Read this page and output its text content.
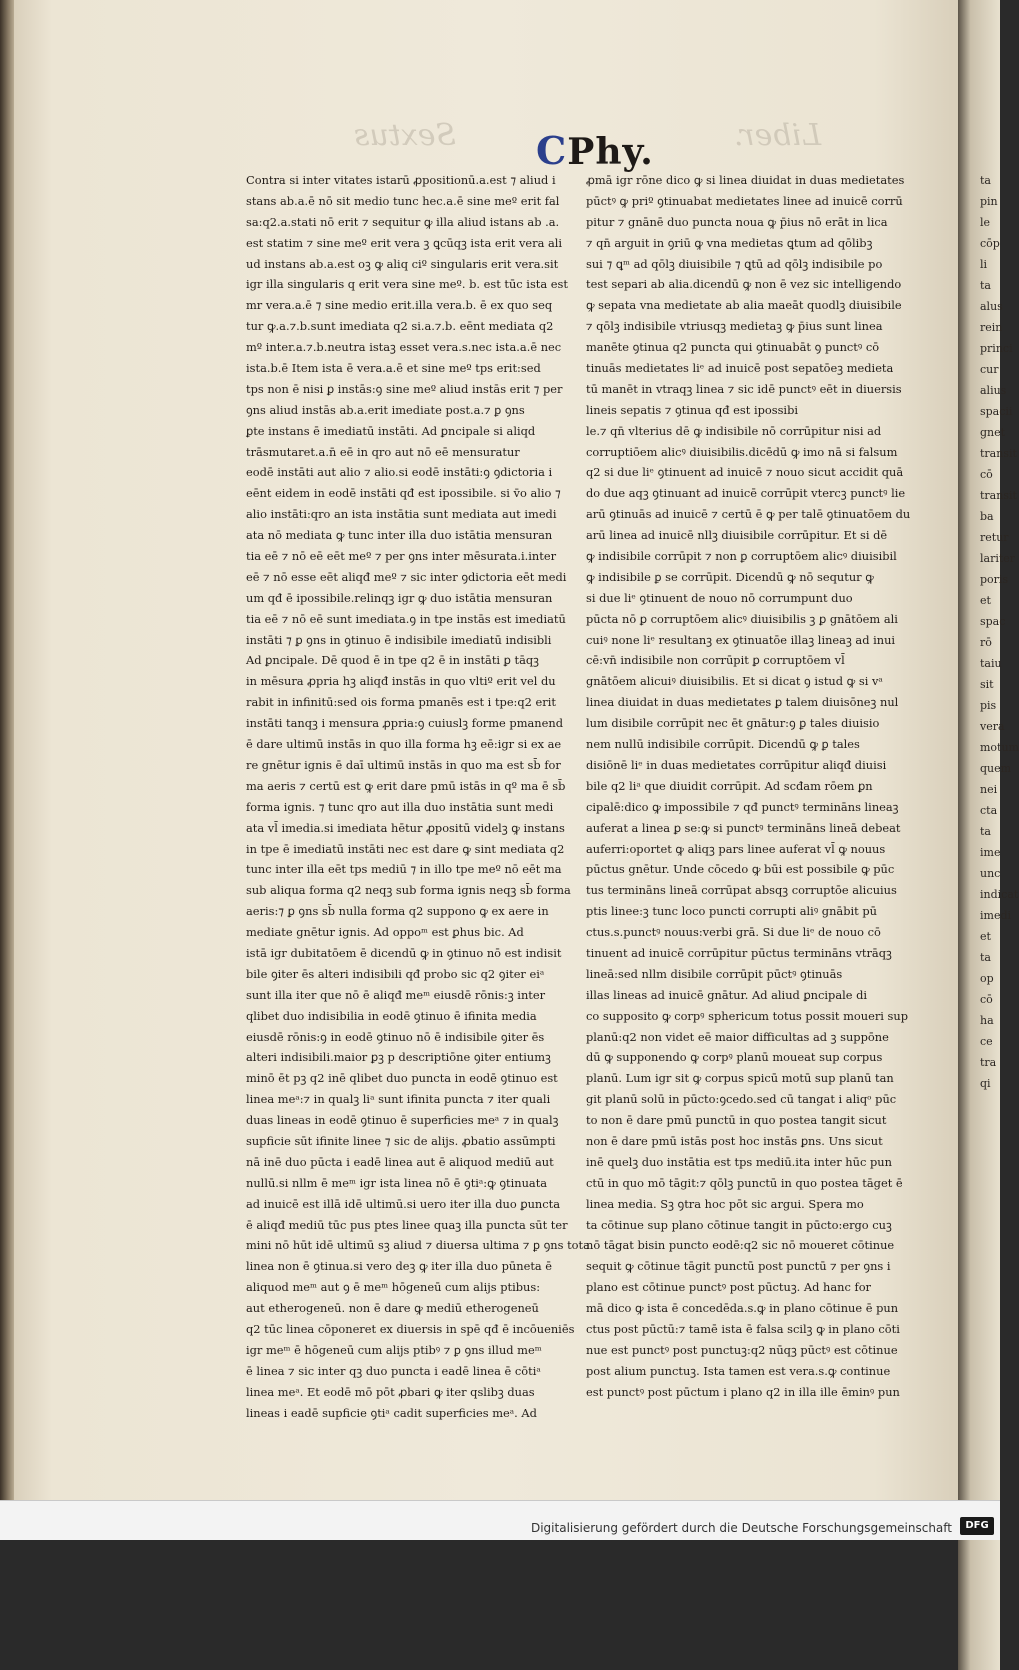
Sextus	Liber.
CPhy.
Contra si inter vitates istarū ꝓpositionū.a.est ⁊ aliud i
stans ab.a.ē nō sit medio tunc hec.a.ē sine meº erit fal
sa:q2.a.stati nō erit ⁊ sequitur ꝙ illa aliud istans ab .a.
est statim ⁊ sine meº erit vera ꝫ ꝗcūqꝫ ista erit vera ali
ud instans ab.a.est oꝫ ꝙ aliq ciº singularis erit vera.sit
igr illa singularis q erit vera sine meº. b. est tūc ista est
mr vera.a.ē ⁊ sine medio erit.illa vera.b. ē ex quo seq
tur ꝙ.a.⁊.b.sunt imediata q2 si.a.⁊.b. eēnt mediata q2
mº inter.a.⁊.b.neutra istaꝫ esset vera.s.nec ista.a.ē nec
ista.b.ē Item ista ē vera.a.ē et sine meº tps erit:sed
tps non ē nisi ꝑ instās:ꝯ sine meº aliud instās erit ⁊ per
ꝯns aliud instās ab.a.erit imediate post.a.⁊ ꝑ ꝯns
ꝑte instans ē imediatū instāti. Ad ꝑncipale si aliqd
trāsmutaret.a.n̄ eē in qro aut nō eē mensuratur
eodē instāti aut alio ⁊ alio.si eodē instāti:ꝯ ꝯdictoria i
eēnt eidem in eodē instāti qđ est ipossibile. si v̄o alio ⁊
alio instāti:qro an ista instātia sunt mediata aut imedi
ata nō mediata ꝙ tunc inter illa duo istātia mensuran
tia eē ⁊ nō eē eēt meº ⁊ per ꝯns inter mēsurata.i.inter
eē ⁊ nō esse eēt aliqđ meº ⁊ sic inter ꝯdictoria eēt medi
um qđ ē ipossibile.relinqꝫ igr ꝙ duo istātia mensuran
tia eē ⁊ nō eē sunt imediata.ꝯ in tpe instās est imediatū
instāti ⁊ ꝑ ꝯns in ꝯtinuo ē indisibile imediatū indisibli
Ad ꝑncipale. Dē quod ē in tpe q2 ē in instāti ꝑ tāqꝫ
in mēsura ꝓpria hꝫ aliqđ instās in quo vltiº erit vel du
rabit in infinitū:sed ois forma pmanēs est i tpe:q2 erit
instāti tanqꝫ i mensura ꝓpria:ꝯ cuiuslꝫ forme pmanend
ē dare ultimū instās in quo illa forma hꝫ eē:igr si ex ae
re gnētur ignis ē daī ultimū instās in quo ma est sb̄ for
ma aeris ⁊ certū est ꝙ erit dare pmū istās in qº ma ē sb̄
forma ignis. ⁊ tunc qro aut illa duo instātia sunt medi
ata vl̄ imedia.si imediata hētur ꝓpositū videlꝫ ꝙ instans
in tpe ē imediatū instāti nec est dare ꝙ sint mediata q2
tunc inter illa eēt tps mediū ⁊ in illo tpe meº nō eēt ma
sub aliqua forma q2 neqꝫ sub forma ignis neqꝫ sb̄ forma
aeris:⁊ ꝑ ꝯns sb̄ nulla forma q2 suppono ꝙ ex aere in
mediate gnētur ignis. Ad oppoᵐ est ꝑhus bic. Ad
istā igr dubitatōem ē dicendū ꝙ in ꝯtinuo nō est indisit
bile ꝯiter ēs alteri indisibili qđ probo sic q2 ꝯiter eiᵃ
sunt illa iter que nō ē aliqđ meᵐ eiusdē rōnis:ꝫ inter
qlibet duo indisibilia in eodē ꝯtinuo ē ifinita media
eiusdē rōnis:ꝯ in eodē ꝯtinuo nō ē indisibile ꝯiter ēs
alteri indisibili.maior ꝑꝫ p descriptiōne ꝯiter entiumꝫ
minō ēt pꝫ q2 inē qlibet duo puncta in eodē ꝯtinuo est
linea meᵃ:⁊ in qualꝫ liᵃ sunt ifinita puncta ⁊ iter quali
duas lineas in eodē ꝯtinuo ē superficies meᵃ ⁊ in qualꝫ
supficie sūt ifinite linee ⁊ sic de alijs. ꝓbatio assūmpti
nā inē duo pūcta i eadē linea aut ē aliquod mediū aut
nullū.si nllm ē meᵐ igr ista linea nō ē ꝯtiᵃ:ꝙ ꝯtinuata
ad inuicē est illā idē ultimū.si uero iter illa duo ꝑuncta
ē aliqđ mediū tūc pus ptes linee quaꝫ illa puncta sūt ter
mini nō hūt idē ultimū sꝫ aliud ⁊ diuersa ultima ⁊ ꝑ ꝯns tota
linea non ē ꝯtinua.si vero deꝫ ꝙ iter illa duo pūneta ē
aliquod meᵐ aut ꝯ ē meᵐ hōgeneū cum alijs ptibus:
aut etherogeneū. non ē dare ꝙ mediū etherogeneū
q2 tūc linea cōponeret ex diuersis in spē qđ ē incōueniēs
igr meᵐ ē hōgeneū cum alijs ptibꝰ ⁊ ꝑ ꝯns illud meᵐ
ē linea ⁊ sic inter qꝫ duo puncta i eadē linea ē cōtiᵃ
linea meᵃ. Et eodē mō pōt ꝓbari ꝙ iter qslibꝫ duas
lineas i eadē supficie ꝯtiᵃ cadit superficies meᵃ. Ad
ꝓmā igr rōne dico ꝙ si linea diuidat in duas medietates
pūctꝰ ꝙ priº ꝯtinuabat medietates linee ad inuicē corrū
pitur ⁊ gnānē duo puncta noua ꝙ p̄ius nō erāt in lica
⁊ qn̄ arguit in ꝯriū ꝙ vna medietas ꝗtum ad qōlibꝫ
sui ⁊ ꝗᵐ ad qōlꝫ diuisibile ⁊ ꝗtū ad qōlꝫ indisibile po
test separi ab alia.dicendū ꝙ non ē vez sic intelligendo
ꝙ sepata vna medietate ab alia maeāt quodlꝫ diuisibile
⁊ qōlꝫ indisibile vtriusqꝫ medietaꝫ ꝙ p̄ius sunt linea
manēte ꝯtinua q2 puncta qui ꝯtinuabāt ꝯ punctꝰ cō
tinuās medietates liᵉ ad inuicē post sepatōeꝫ medieta
tū manēt in vtraqꝫ linea ⁊ sic idē punctꝰ eēt in diuersis
lineis sepatis ⁊ ꝯtinua qđ est ipossibi
le.⁊ qn̄ vlterius dē ꝙ indisibile nō corrūpitur nisi ad
corruptiōem alicꝰ diuisibilis.dicēdū ꝙ imo nā si falsum
q2 si due liᵉ ꝯtinuent ad inuicē ⁊ nouo sicut accidit quā
do due aqꝫ ꝯtinuant ad inuicē corrūpit vtercꝫ punctꝰ lie
arū ꝯtinuās ad inuicē ⁊ certū ē ꝙ per talē ꝯtinuatōem du
arū linea ad inuicē nllꝫ diuisibile corrūpitur. Et si dē
ꝙ indisibile corrūpit ⁊ non ꝑ corruptōem alicꝰ diuisibil
ꝙ indisibile ꝑ se corrūpit. Dicendū ꝙ nō sequtur ꝙ
si due liᵉ ꝯtinuent de nouo nō corrumpunt duo
pūcta nō ꝑ corruptōem alicꝰ diuisibilis ꝫ ꝑ gnātōem ali
cuiꝰ none liᵉ resultanꝫ ex ꝯtinuatōe illaꝫ lineaꝫ ad inui
cē:vn̄ indisibile non corrūpit ꝑ corruptōem vl̄
gnātōem alicuiꝰ diuisibilis. Et si dicat ꝯ istud ꝙ si vᵃ
linea diuidat in duas medietates ꝑ talem diuisōneꝫ nul
lum disibile corrūpit nec ēt gnātur:ꝯ ꝑ tales diuisio
nem nullū indisibile corrūpit. Dicendū ꝙ ꝑ tales
disiōnē liᵉ in duas medietates corrūpitur aliqđ diuisi
bile q2 liᵃ que diuidit corrūpit. Ad scđam rōem ꝑn
cipalē:dico ꝙ impossibile ⁊ qđ punctꝰ termināns lineaꝫ
auferat a linea ꝑ se:ꝙ si punctꝰ termināns lineā debeat
auferri:oportet ꝙ aliqꝫ pars linee auferat vl̄ ꝙ nouus
pūctus gnētur. Unde cōcedo ꝙ būi est possibile ꝙ pūc
tus termināns lineā corrūpat absqꝫ corruptōe alicuius
ptis linee:ꝫ tunc loco puncti corrupti aliꝰ gnābit pū
ctus.s.punctꝰ nouus:verbi grā. Si due liᵉ de nouo cō
tinuent ad inuicē corrūpitur pūctus termināns vtrāqꝫ
lineā:sed nllm disibile corrūpit pūctꝰ ꝯtinuās
illas lineas ad inuicē gnātur. Ad aliud ꝑncipale di
co supposito ꝙ corpꝰ sphericum totus possit moueri sup
planū:q2 non videt eē maior difficultas ad ꝫ suppōne
dū ꝙ supponendo ꝙ corpꝰ planū moueat sup corpus
planū. Lum igr sit ꝙ corpus spicū motū sup planū tan
git planū solū in pūcto:ꝯcedo.sed cū tangat i aliqᵒ pūc
to non ē dare pmū punctū in quo postea tangit sicut
non ē dare pmū istās post hoc instās ꝑns. Uns sicut
inē quelꝫ duo instātia est tps mediū.ita inter hūc pun
ctū in quo mō tāgit:⁊ qōlꝫ punctū in quo postea tāget ē
linea media. Sꝫ ꝯtra hoc pōt sic argui. Spera mo
ta cōtinue sup plano cōtinue tangit in pūcto:ergo cuꝫ
nō tāgat bisin puncto eodē:q2 sic nō moueret cōtinue
sequit ꝙ cōtinue tāgit punctū post punctū ⁊ per ꝯns i
plano est cōtinue punctꝰ post pūctuꝫ. Ad hanc for
mā dico ꝙ ista ē concedēda.s.ꝙ in plano cōtinue ē pun
ctus post pūctū:⁊ tamē ista ē falsa scilꝫ ꝙ in plano cōti
nue est punctꝰ post punctuꝫ:q2 nūqꝫ pūctꝰ est cōtinue
post alium punctuꝫ. Ista tamen est vera.s.ꝙ continue
est punctꝰ post pūctum i plano q2 in illa ille ēminꝰ pun
ta
pin
le
cōp
li
ta
alus
rein
princi
cur
alius
spacii
gnet
transit
cō
transit
ba
retur
lariter
poris
et
spac
rō
taiu
sit
pis
vera
motum
quem
nei
cta
ta
ime
unc
indicat
imedi
et
ta
op
cō
ha
ce
tra
qi
Digitalisierung gefördert durch die Deutsche Forschungsgemeinschaft	DFG
